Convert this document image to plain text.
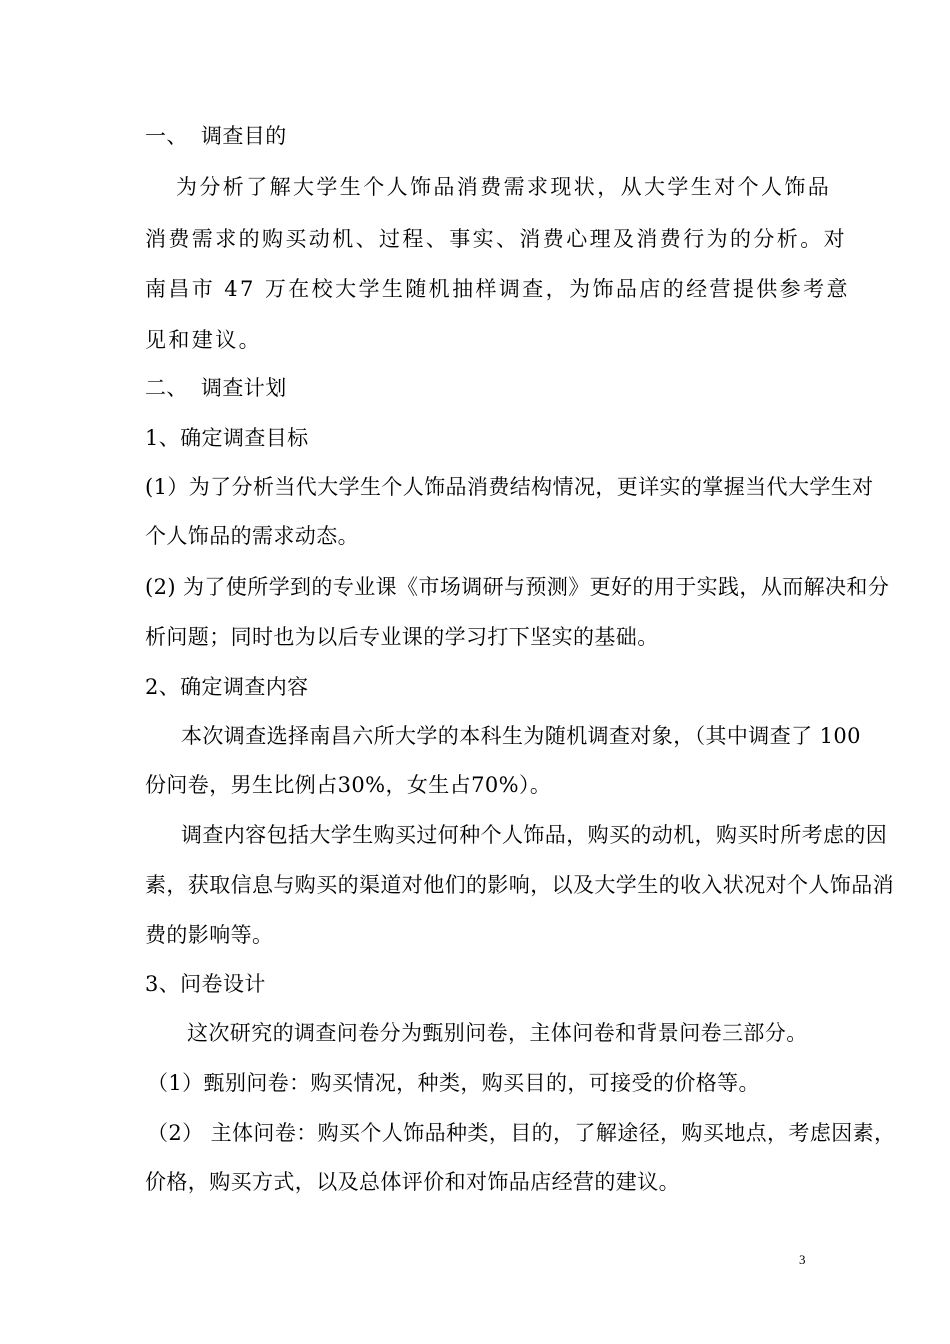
一、 调查目的
为分析了解大学生个人饰品消费需求现状，从大学生对个人饰品
消费需求的购买动机、过程、事实、消费心理及消费行为的分析。对
南昌市 47 万在校大学生随机抽样调查，为饰品店的经营提供参考意
见和建议。
二、 调查计划
1、确定调查目标
(1）为了分析当代大学生个人饰品消费结构情况，更详实的掌握当代大学生对
个人饰品的需求动态。
(2) 为了使所学到的专业课《市场调研与预测》更好的用于实践，从而解决和分
析问题；同时也为以后专业课的学习打下坚实的基础。
2、确定调查内容
本次调查选择南昌六所大学的本科生为随机调查对象，（其中调查了 100
份问卷，男生比例占30%，女生占70%）。
调查内容包括大学生购买过何种个人饰品，购买的动机，购买时所考虑的因
素，获取信息与购买的渠道对他们的影响，以及大学生的收入状况对个人饰品消
费的影响等。
3、问卷设计
这次研究的调查问卷分为甄别问卷，主体问卷和背景问卷三部分。
（1）甄别问卷：购买情况，种类，购买目的，可接受的价格等。
（2） 主体问卷：购买个人饰品种类，目的，了解途径，购买地点，考虑因素，
价格，购买方式，以及总体评价和对饰品店经营的建议。
3
